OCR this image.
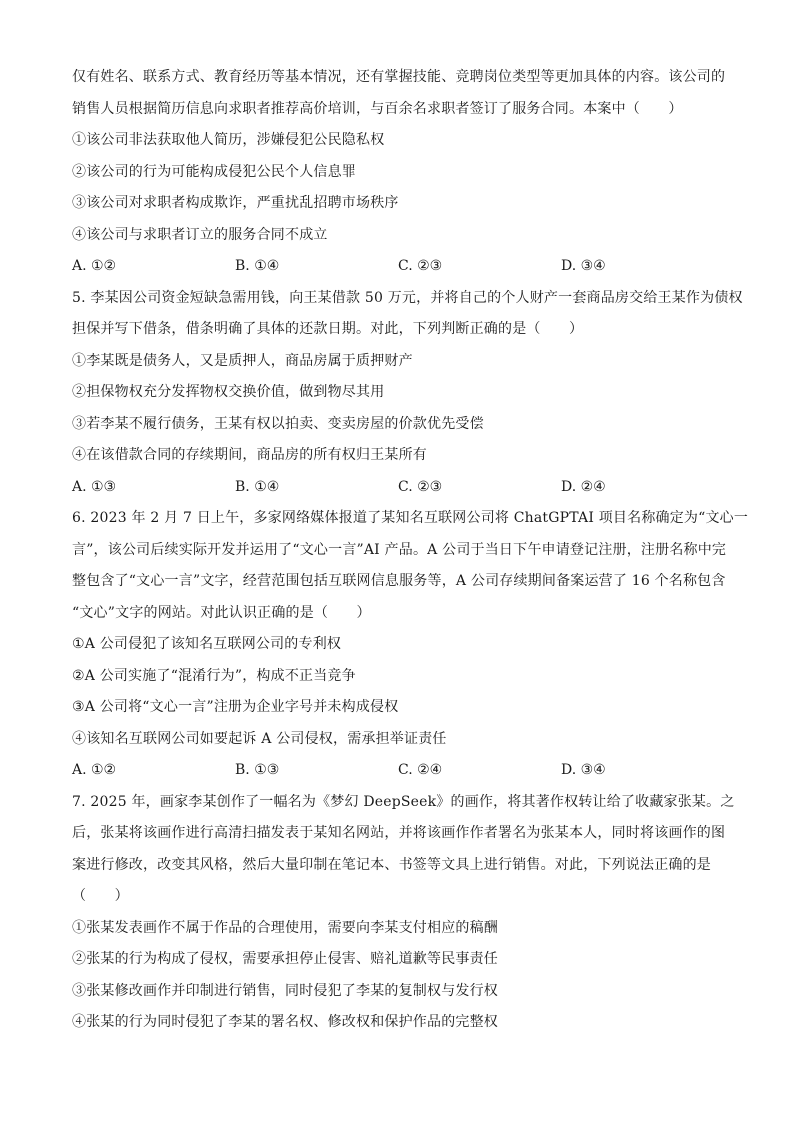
仅有姓名、联系方式、教育经历等基本情况，还有掌握技能、竞聘岗位类型等更加具体的内容。该公司的
销售人员根据简历信息向求职者推荐高价培训，与百余名求职者签订了服务合同。本案中（　　）
①该公司非法获取他人简历，涉嫌侵犯公民隐私权
②该公司的行为可能构成侵犯公民个人信息罪
③该公司对求职者构成欺诈，严重扰乱招聘市场秩序
④该公司与求职者订立的服务合同不成立
A. ①②	B. ①④	C. ②③	D. ③④
5. 李某因公司资金短缺急需用钱，向王某借款 50 万元，并将自己的个人财产一套商品房交给王某作为债权
担保并写下借条，借条明确了具体的还款日期。对此，下列判断正确的是（　　）
①李某既是债务人，又是质押人，商品房属于质押财产
②担保物权充分发挥物权交换价值，做到物尽其用
③若李某不履行债务，王某有权以拍卖、变卖房屋的价款优先受偿
④在该借款合同的存续期间，商品房的所有权归王某所有
A. ①③	B. ①④	C. ②③	D. ②④
6. 2023 年 2 月 7 日上午，多家网络媒体报道了某知名互联网公司将 ChatGPTAI 项目名称确定为“文心一
言”，该公司后续实际开发并运用了“文心一言”AI 产品。A 公司于当日下午申请登记注册，注册名称中完
整包含了“文心一言”文字，经营范围包括互联网信息服务等，A 公司存续期间备案运营了 16 个名称包含
“文心”文字的网站。对此认识正确的是（　　）
①A 公司侵犯了该知名互联网公司的专利权
②A 公司实施了“混淆行为”，构成不正当竞争
③A 公司将“文心一言”注册为企业字号并未构成侵权
④该知名互联网公司如要起诉 A 公司侵权，需承担举证责任
A. ①②	B. ①③	C. ②④	D. ③④
7. 2025 年，画家李某创作了一幅名为《梦幻 DeepSeek》的画作，将其著作权转让给了收藏家张某。之
后，张某将该画作进行高清扫描发表于某知名网站，并将该画作作者署名为张某本人，同时将该画作的图
案进行修改，改变其风格，然后大量印制在笔记本、书签等文具上进行销售。对此，下列说法正确的是
（　　）
①张某发表画作不属于作品的合理使用，需要向李某支付相应的稿酬
②张某的行为构成了侵权，需要承担停止侵害、赔礼道歉等民事责任
③张某修改画作并印制进行销售，同时侵犯了李某的复制权与发行权
④张某的行为同时侵犯了李某的署名权、修改权和保护作品的完整权
